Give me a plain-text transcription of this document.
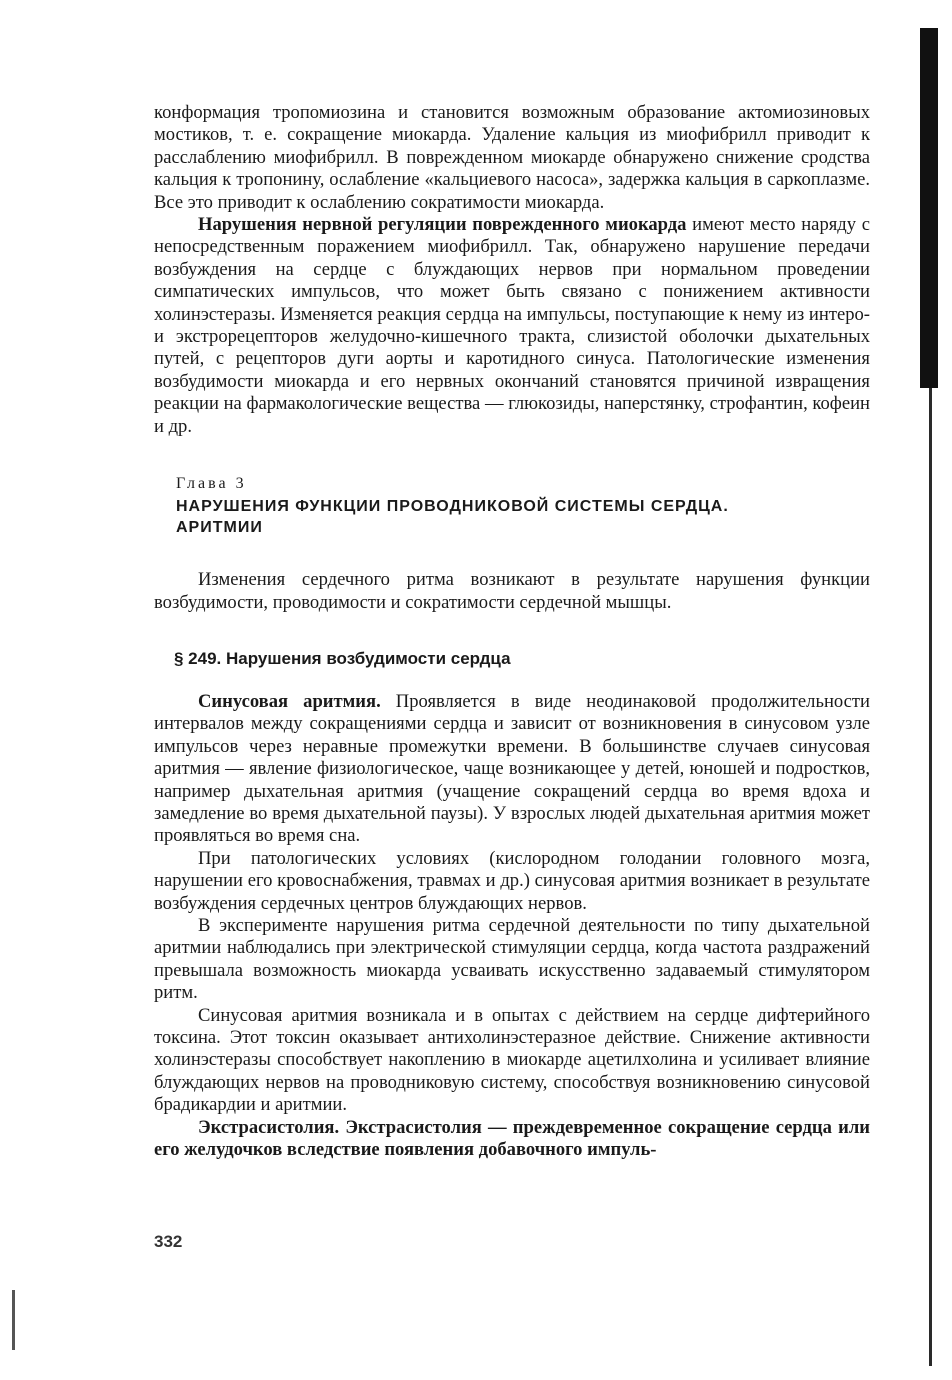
конформация тропомиозина и становится возможным образование актомиозиновых мостиков, т. е. сокращение миокарда. Удаление кальция из миофибрилл приводит к расслаблению миофибрилл. В поврежденном миокарде обнаружено снижение сродства кальция к тропонину, ослабление «кальциевого насоса», задержка кальция в саркоплазме. Все это приводит к ослаблению сократимости миокарда.

Нарушения нервной регуляции поврежденного миокарда имеют место наряду с непосредственным поражением миофибрилл. Так, обнаружено нарушение передачи возбуждения на сердце с блуждающих нервов при нормальном проведении симпатических импульсов, что может быть связано с понижением активности холинэстеразы. Изменяется реакция сердца на импульсы, поступающие к нему из интеро- и экстрорецепторов желудочно-кишечного тракта, слизистой оболочки дыхательных путей, с рецепторов дуги аорты и каротидного синуса. Патологические изменения возбудимости миокарда и его нервных окончаний становятся причиной извращения реакции на фармакологические вещества — глюкозиды, наперстянку, строфантин, кофеин и др.

Глава 3
НАРУШЕНИЯ ФУНКЦИИ ПРОВОДНИКОВОЙ СИСТЕМЫ СЕРДЦА.
АРИТМИИ

Изменения сердечного ритма возникают в результате нарушения функции возбудимости, проводимости и сократимости сердечной мышцы.

§ 249. Нарушения возбудимости сердца

Синусовая аритмия. Проявляется в виде неодинаковой продолжительности интервалов между сокращениями сердца и зависит от возникновения в синусовом узле импульсов через неравные промежутки времени. В большинстве случаев синусовая аритмия — явление физиологическое, чаще возникающее у детей, юношей и подростков, например дыхательная аритмия (учащение сокращений сердца во время вдоха и замедление во время дыхательной паузы). У взрослых людей дыхательная аритмия может проявляться во время сна.

При патологических условиях (кислородном голодании головного мозга, нарушении его кровоснабжения, травмах и др.) синусовая аритмия возникает в результате возбуждения сердечных центров блуждающих нервов.

В эксперименте нарушения ритма сердечной деятельности по типу дыхательной аритмии наблюдались при электрической стимуляции сердца, когда частота раздражений превышала возможность миокарда усваивать искусственно задаваемый стимулятором ритм.

Синусовая аритмия возникала и в опытах с действием на сердце дифтерийного токсина. Этот токсин оказывает антихолинэстеразное действие. Снижение активности холинэстеразы способствует накоплению в миокарде ацетилхолина и усиливает влияние блуждающих нервов на проводниковую систему, способствуя возникновению синусовой брадикардии и аритмии.

Экстрасистолия. Экстрасистолия — преждевременное сокращение сердца или его желудочков вследствие появления добавочного импуль-

332
